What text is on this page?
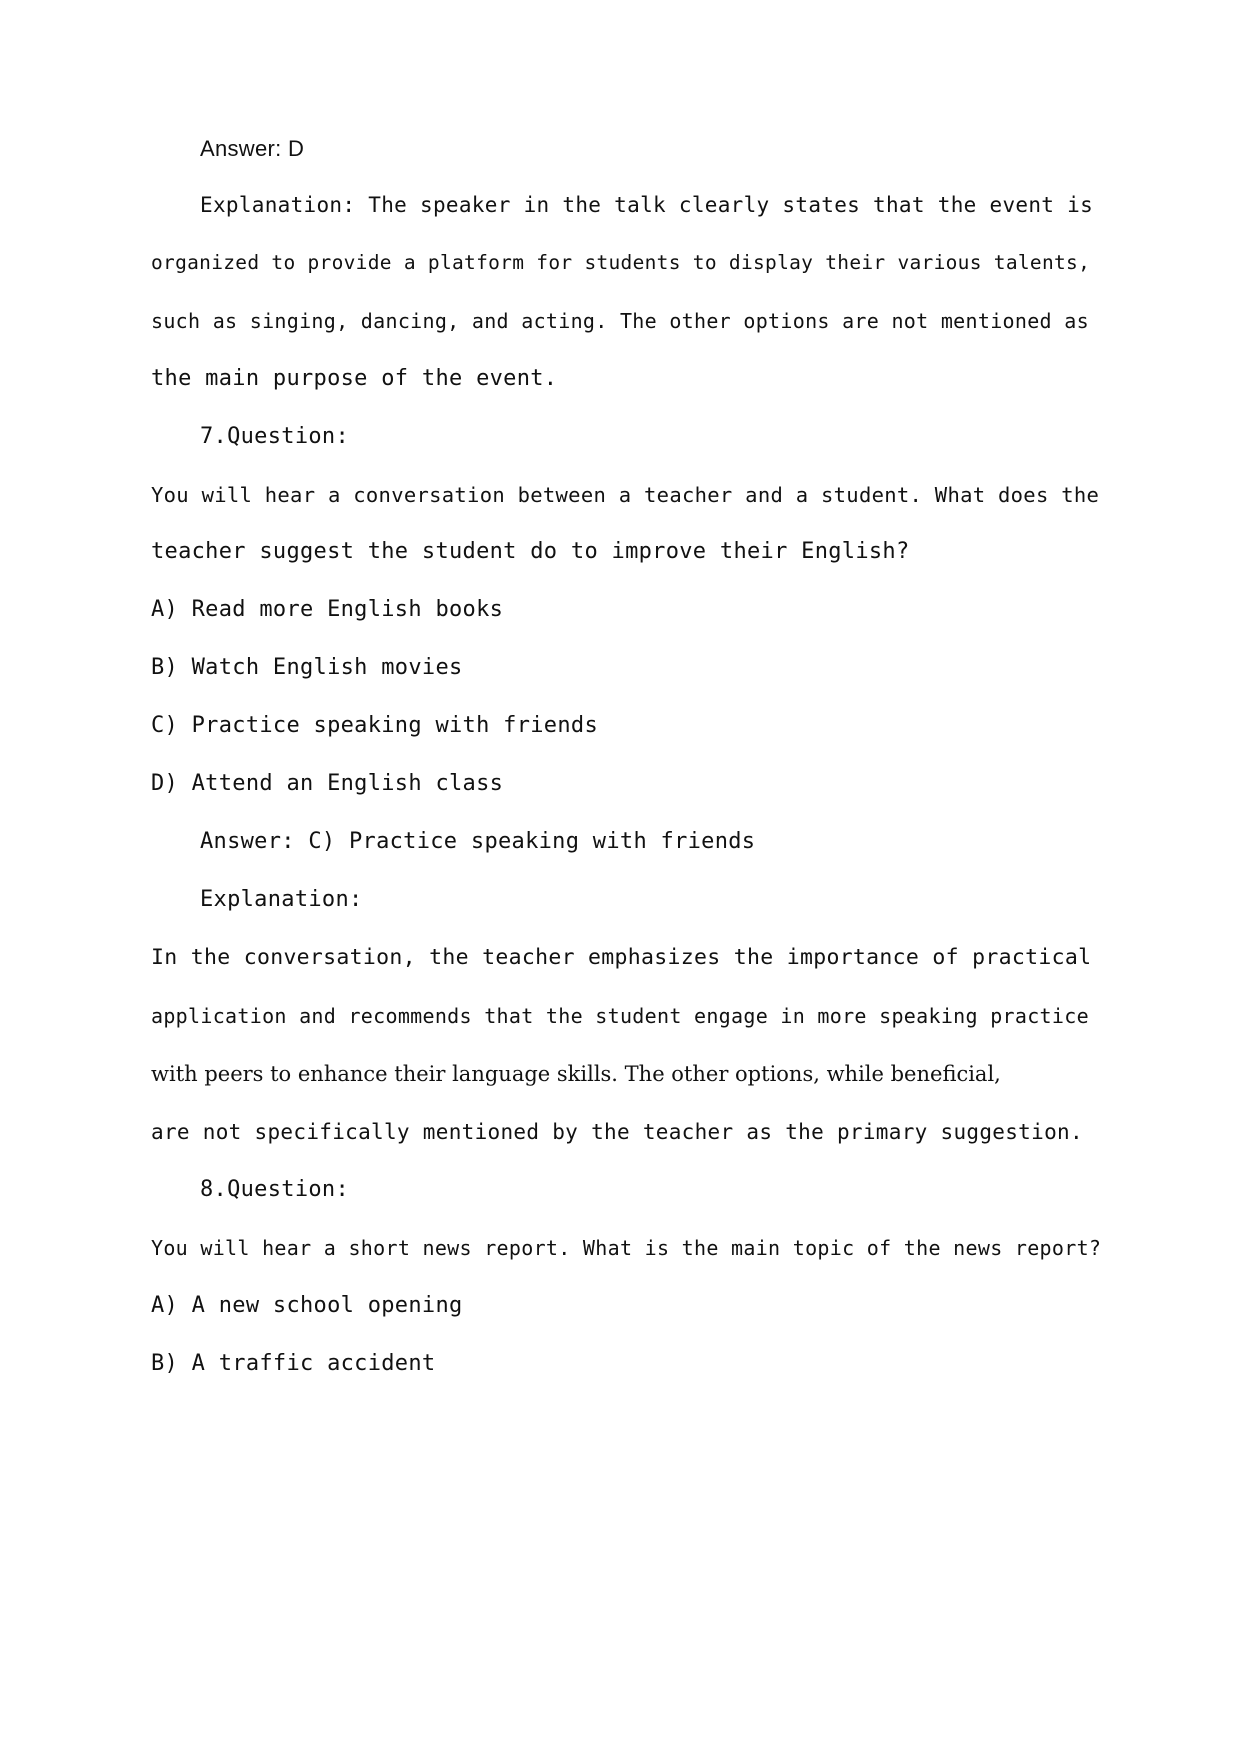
Answer: D
Explanation: The speaker in the talk clearly states that the event is
organized to provide a platform for students to display their various talents,
such as singing, dancing, and acting. The other options are not mentioned as
the main purpose of the event.
7.Question:
You will hear a conversation between a teacher and a student. What does the
teacher suggest the student do to improve their English?
A) Read more English books
B) Watch English movies
C) Practice speaking with friends
D) Attend an English class
Answer: C) Practice speaking with friends
Explanation:
In the conversation, the teacher emphasizes the importance of practical
application and recommends that the student engage in more speaking practice
with peers to enhance their language skills. The other options, while beneficial,
are not specifically mentioned by the teacher as the primary suggestion.
8.Question:
You will hear a short news report. What is the main topic of the news report?
A) A new school opening
B) A traffic accident
